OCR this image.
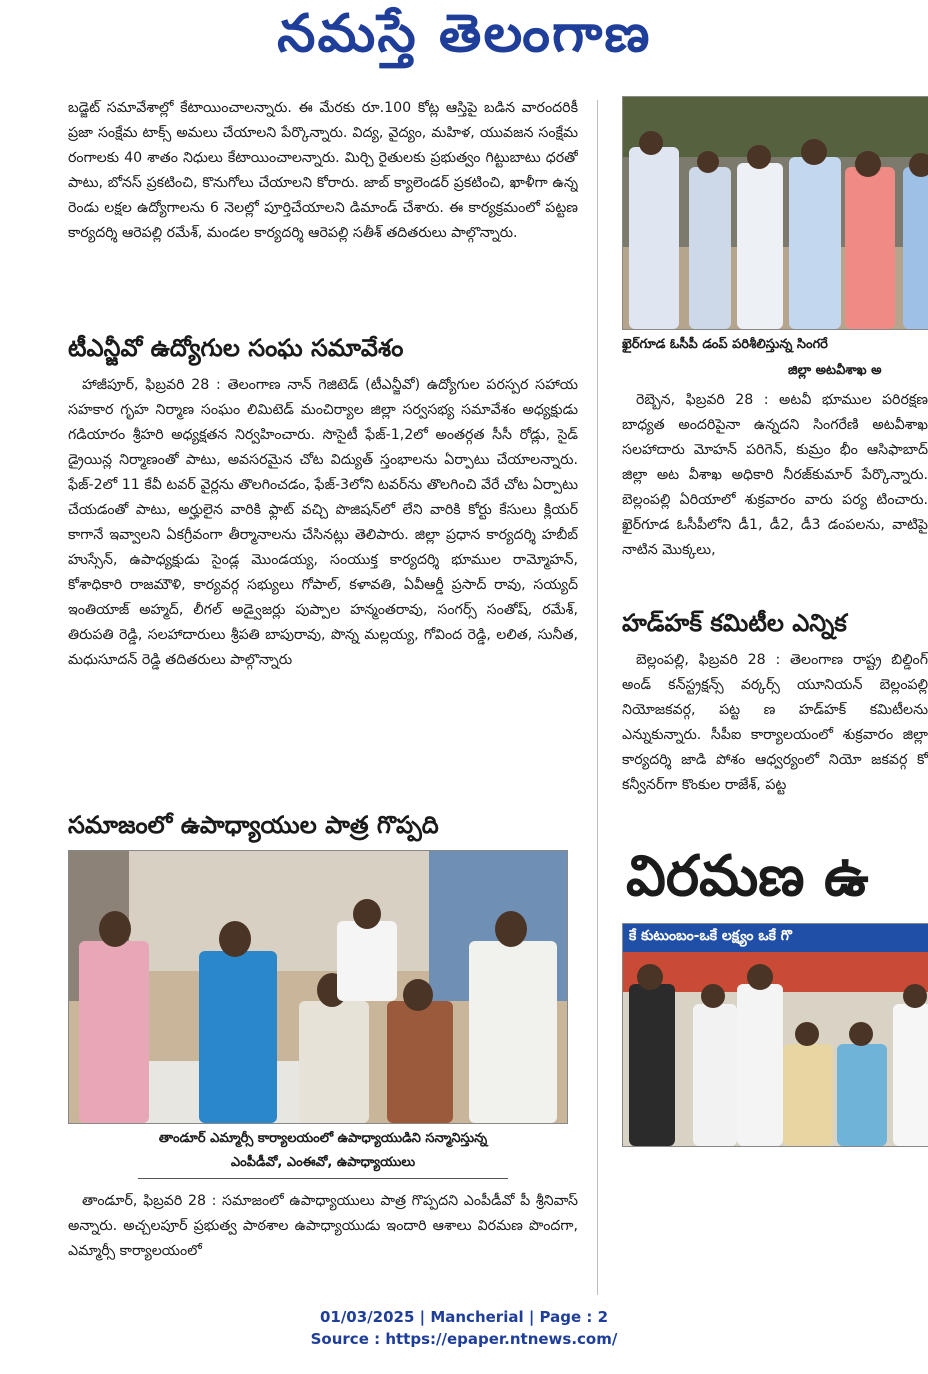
నమస్తే తెలంగాణ

బడ్జెట్ సమావేశాల్లో కేటాయించాలన్నారు. ఈ మేరకు రూ.100 కోట్ల ఆస్తిపై బడిన వారందరికీ ప్రజా సంక్షేమ టాక్స్ అమలు చేయాలని పేర్కొన్నారు. విద్య, వైద్యం, మహిళ, యువజన సంక్షేమ రంగాలకు 40 శాతం నిధులు కేటాయించాలన్నారు. మిర్చి రైతులకు ప్రభుత్వం గిట్టుబాటు ధరతో పాటు, బోనస్ ప్రకటించి, కొనుగోలు చేయాలని కోరారు. జాబ్ క్యాలెండర్ ప్రకటించి, ఖాళీగా ఉన్న రెండు లక్షల ఉద్యోగాలను 6 నెలల్లో పూర్తిచేయాలని డిమాండ్ చేశారు. ఈ కార్యక్రమంలో పట్టణ కార్యదర్శి ఆరెపల్లి రమేశ్, మండల కార్యదర్శి ఆరెపల్లి సతీశ్ తదితరులు పాల్గొన్నారు.

టీఎన్జీవో ఉద్యోగుల సంఘ సమావేశం

హాజీపూర్, ఫిబ్రవరి 28 : తెలంగాణ నాన్ గెజిటెడ్ (టీఎన్జీవో) ఉద్యోగుల పరస్పర సహాయ సహకార గృహ నిర్మాణ సంఘం లిమిటెడ్ మంచిర్యాల జిల్లా సర్వసభ్య సమావేశం అధ్యక్షుడు గడియారం శ్రీహరి అధ్యక్షతన నిర్వహించారు. సొసైటీ ఫేజ్-1,2లో అంతర్గత సీసీ రోడ్లు, సైడ్ డ్రైయిన్ల నిర్మాణంతో పాటు, అవసరమైన చోట విద్యుత్ స్తంభాలను ఏర్పాటు చేయాలన్నారు. ఫేజ్-2లో 11 కేవీ టవర్ వైర్లను తొలగించడం, ఫేజ్-3లోని టవర్‌ను తొలగించి వేరే చోట ఏర్పాటు చేయడంతో పాటు, అర్హులైన వారికి ఫ్లాట్ వచ్చి పొజిషన్‌లో లేని వారికి కోర్టు కేసులు క్లియర్ కాగానే ఇవ్వాలని ఏకగ్రీవంగా తీర్మానాలను చేసినట్లు తెలిపారు. జిల్లా ప్రధాన కార్యదర్శి హబీబ్ హుస్సేన్, ఉపాధ్యక్షుడు సైండ్ల మొండయ్య, సంయుక్త కార్యదర్శి భూముల రామ్మోహన్, కోశాధికారి రాజమౌళి, కార్యవర్గ సభ్యులు గోపాల్, కళావతి, ఏవీఆర్డీ ప్రసాద్ రావు, సయ్యద్ ఇంతియాజ్ అహ్మద్, లీగల్ అడ్వైజర్లు పుప్పాల హన్మంతరావు, సంగర్స్ సంతోష్, రమేశ్, తిరుపతి రెడ్డి, సలహాదారులు శ్రీపతి బాపురావు, పొన్న మల్లయ్య, గోవింద రెడ్డి, లలిత, సునీత, మధుసూదన్ రెడ్డి తదితరులు పాల్గొన్నారు

సమాజంలో ఉపాధ్యాయుల పాత్ర గొప్పది
తాండూర్ ఎమ్మార్సీ కార్యాలయంలో ఉపాధ్యాయుడిని సన్మానిస్తున్న
ఎంపీడీవో, ఎంఈవో, ఉపాధ్యాయులు

తాండూర్, ఫిబ్రవరి 28 : సమాజంలో ఉపాధ్యాయులు పాత్ర గొప్పదని ఎంపీడీవో పీ శ్రీనివాస్ అన్నారు. అచ్చలపూర్ ప్రభుత్వ పాఠశాల ఉపాధ్యాయుడు ఇందారి ఆశాలు విరమణ పొందగా, ఎమ్మార్సీ కార్యాలయంలో

ఖైర్‌గూడ ఓసీపీ డంప్ పరిశీలిస్తున్న సింగరే
జిల్లా అటవీశాఖ అ

రెబ్బెన, ఫిబ్రవరి 28 : అటవీ భూముల పరిరక్షణ బాధ్యత అందరిపైనా ఉన్నదని సింగరేణి అటవీశాఖ సలహాదారు మోహన్ పరిగెన్, కుమ్రం భీం ఆసిఫాబాద్ జిల్లా అట వీశాఖ అధికారి నీరజ్‌కుమార్ పేర్కొన్నారు. బెల్లంపల్లి ఏరియాలో శుక్రవారం వారు పర్య టించారు. ఖైర్‌గూడ ఓసీపీలోని డీ1, డీ2, డీ3 డంపలను, వాటిపై నాటిన మొక్కలు,

హడ్‌హక్ కమిటీల ఎన్నిక

బెల్లంపల్లి, ఫిబ్రవరి 28 : తెలంగాణ రాష్ట్ర బిల్డింగ్ అండ్ కన్‌స్ట్రక్షన్స్ వర్కర్స్ యూనియన్ బెల్లంపల్లి నియోజకవర్గ, పట్ట ణ హడ్‌హక్ కమిటీలను ఎన్నుకున్నారు. సీపీఐ కార్యాలయంలో శుక్రవారం జిల్లా కార్యదర్శి జాడి పోశం ఆధ్వర్యంలో నియో జకవర్గ కో కన్వీనర్‌గా కొంకుల రాజేశ్, పట్ట

విరమణ ఉ
కే కుటుంబం-ఒకే లక్ష్యం ఒకే గొ
01/03/2025 | Mancherial | Page : 2
Source : https://epaper.ntnews.com/
